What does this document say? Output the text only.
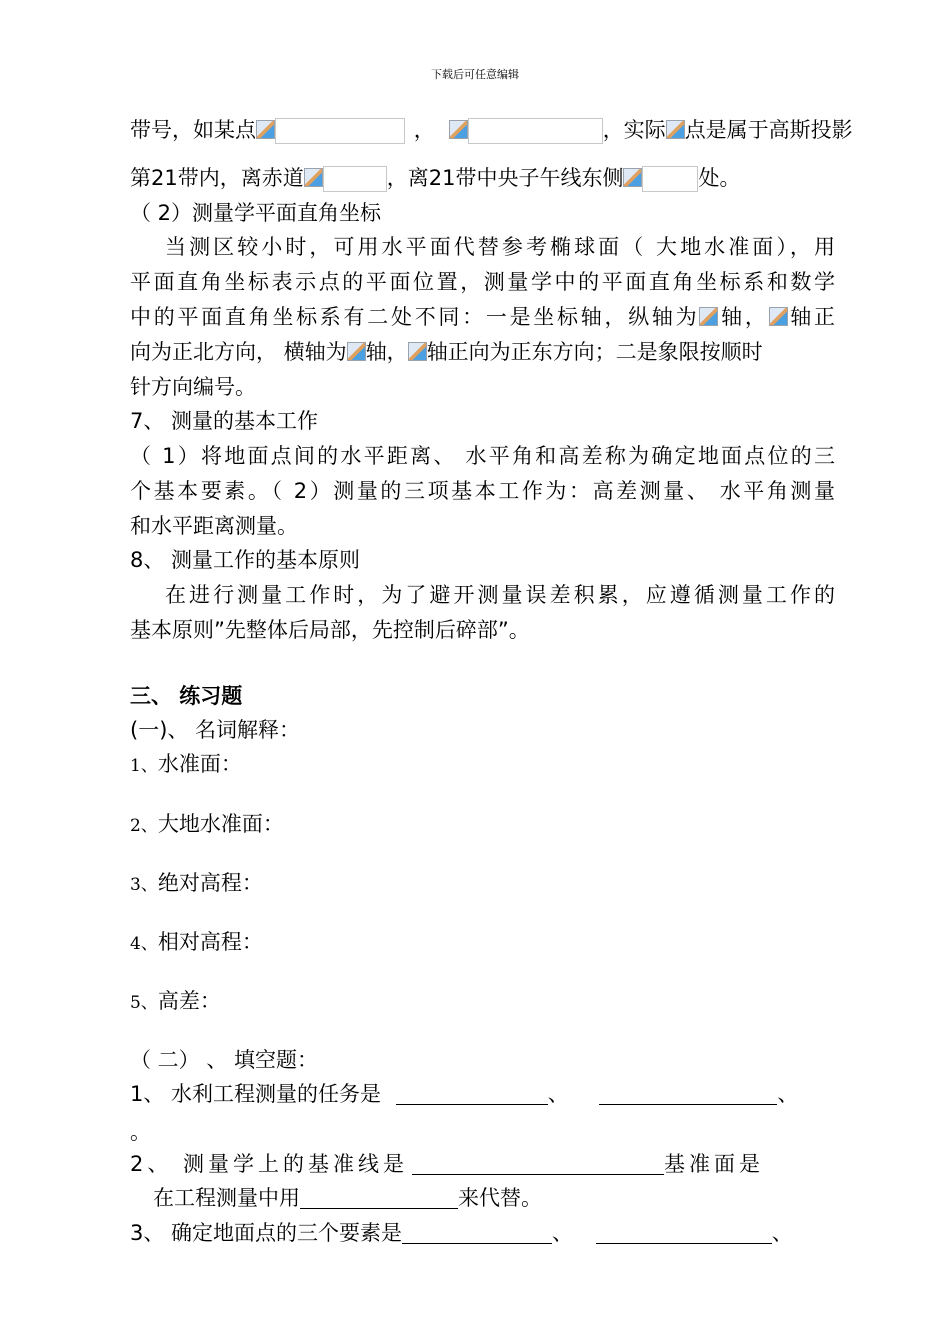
下载后可任意编辑
带号，如某点	，	，实际 点是属于高斯投影
第21带内，离赤道	，离21带中央子午线东侧	处。
（ 2）测量学平面直角坐标
当测区较小时，可用水平面代替参考椭球面（ 大地水准面），用
平面直角坐标表示点的平面位置，测量学中的平面直角坐标系和数学
中的平面直角坐标系有二处不同：一是坐标轴，纵轴为 轴， 轴正
向为正北方向， 横轴为 轴， 轴正向为正东方向；二是象限按顺时
针方向编号。
7、 测量的基本工作
（ 1）将地面点间的水平距离、 水平角和高差称为确定地面点位的三
个基本要素。（ 2）测量的三项基本工作为：高差测量、 水平角测量
和水平距离测量。
8、 测量工作的基本原则
在进行测量工作时，为了避开测量误差积累，应遵循测量工作的
基本原则”先整体后局部，先控制后碎部”。
三、 练习题
(一)、 名词解释：
1、水准面：
2、大地水准面：
3、绝对高程：
4、相对高程：
5、高差：
（ 二） 、 填空题：
1、 水利工程测量的任务是	、	、
。
2、 测量学上的基准线是	基准面是
在工程测量中用	来代替。
3、 确定地面点的三个要素是	、	、
